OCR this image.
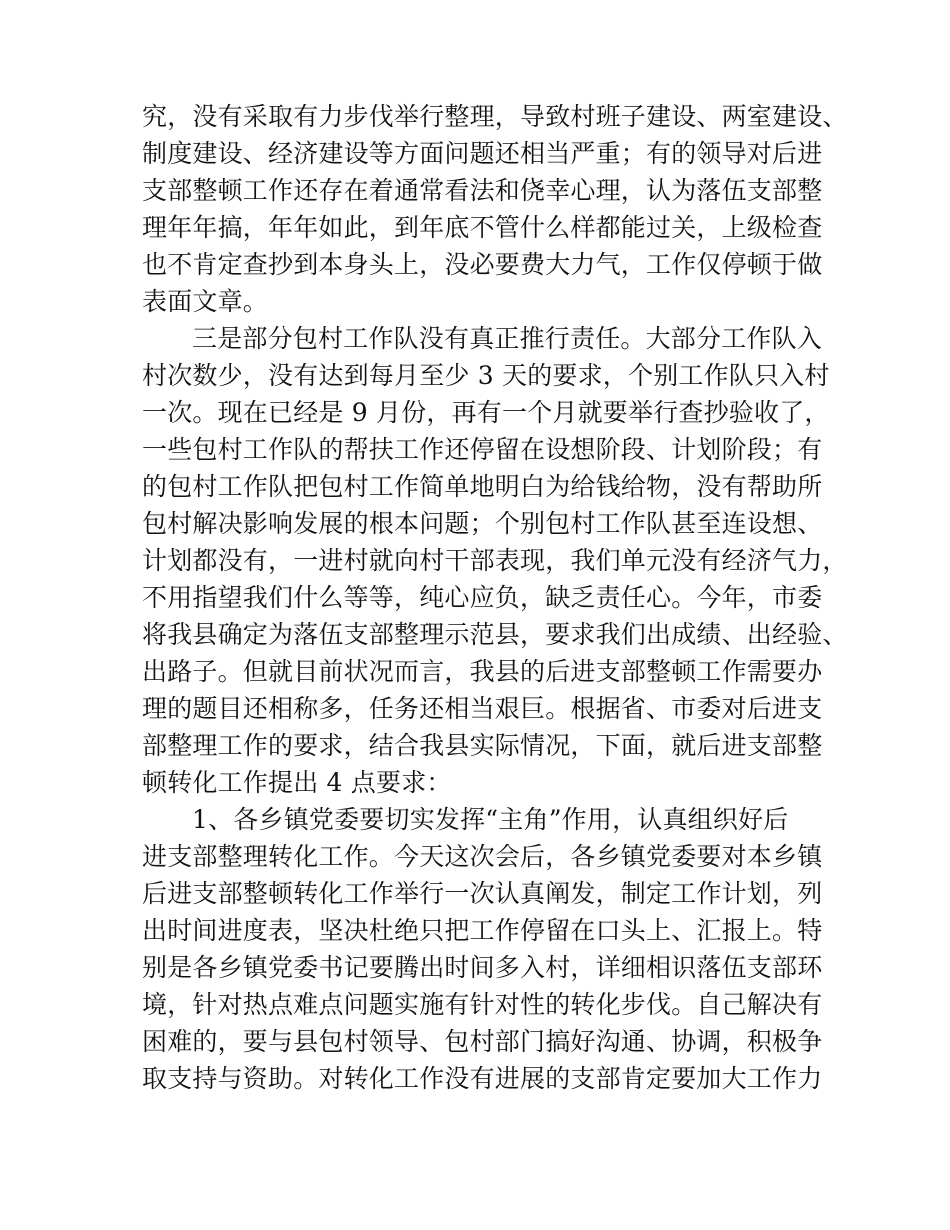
究，没有采取有力步伐举行整理，导致村班子建设、两室建设、
制度建设、经济建设等方面问题还相当严重；有的领导对后进
支部整顿工作还存在着通常看法和侥幸心理，认为落伍支部整
理年年搞，年年如此，到年底不管什么样都能过关，上级检查
也不肯定查抄到本身头上，没必要费大力气，工作仅停顿于做
表面文章。
三是部分包村工作队没有真正推行责任。大部分工作队入
村次数少，没有达到每月至少 3 天的要求，个别工作队只入村
一次。现在已经是 9 月份，再有一个月就要举行查抄验收了，
一些包村工作队的帮扶工作还停留在设想阶段、计划阶段；有
的包村工作队把包村工作简单地明白为给钱给物，没有帮助所
包村解决影响发展的根本问题；个别包村工作队甚至连设想、
计划都没有，一进村就向村干部表现，我们单元没有经济气力，
不用指望我们什么等等，纯心应负，缺乏责任心。今年，市委
将我县确定为落伍支部整理示范县，要求我们出成绩、出经验、
出路子。但就目前状况而言，我县的后进支部整顿工作需要办
理的题目还相称多，任务还相当艰巨。根据省、市委对后进支
部整理工作的要求，结合我县实际情况，下面，就后进支部整
顿转化工作提出 4 点要求：
1、各乡镇党委要切实发挥“主角”作用，认真组织好后
进支部整理转化工作。今天这次会后，各乡镇党委要对本乡镇
后进支部整顿转化工作举行一次认真阐发，制定工作计划，列
出时间进度表，坚决杜绝只把工作停留在口头上、汇报上。特
别是各乡镇党委书记要腾出时间多入村，详细相识落伍支部环
境，针对热点难点问题实施有针对性的转化步伐。自己解决有
困难的，要与县包村领导、包村部门搞好沟通、协调，积极争
取支持与资助。对转化工作没有进展的支部肯定要加大工作力
